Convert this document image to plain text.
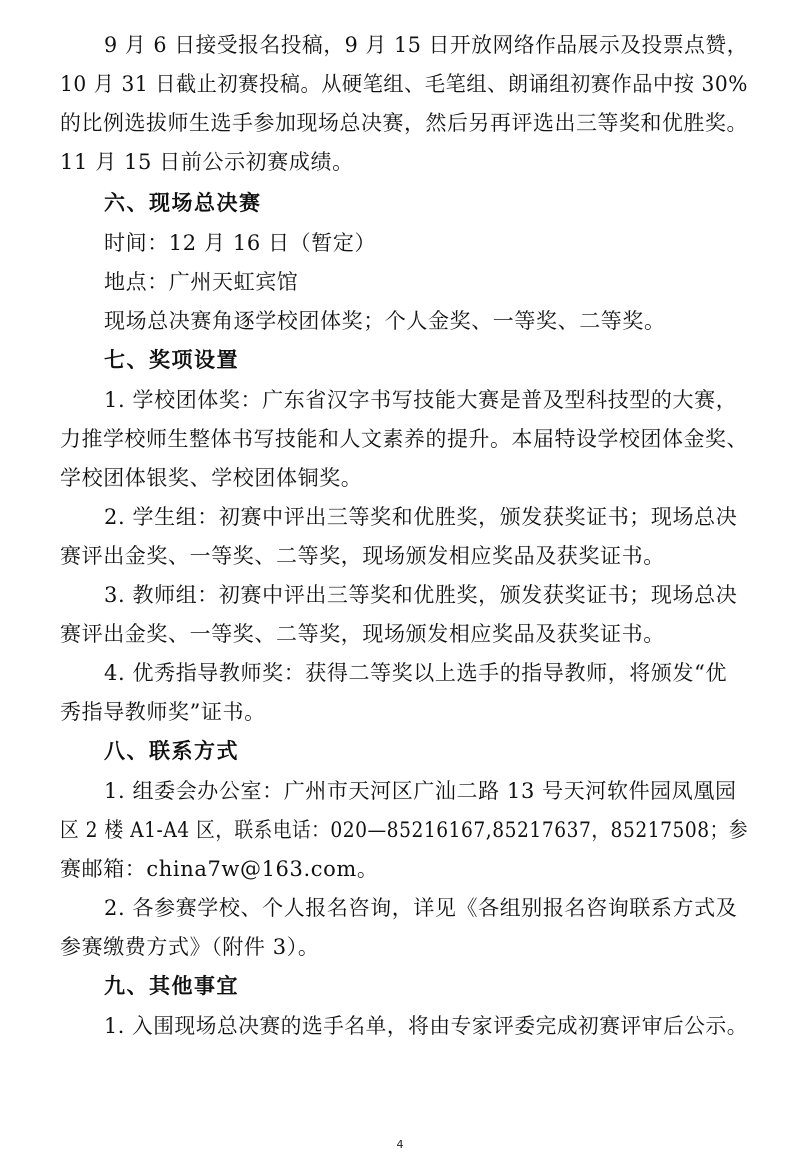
9 月 6 日接受报名投稿，9 月 15 日开放网络作品展示及投票点赞，
10 月 31 日截止初赛投稿。从硬笔组、毛笔组、朗诵组初赛作品中按 30%
的比例选拔师生选手参加现场总决赛，然后另再评选出三等奖和优胜奖。
11 月 15 日前公示初赛成绩。
六、现场总决赛
时间：12 月 16 日（暂定）
地点：广州天虹宾馆
现场总决赛角逐学校团体奖；个人金奖、一等奖、二等奖。
七、奖项设置
1. 学校团体奖：广东省汉字书写技能大赛是普及型科技型的大赛，
力推学校师生整体书写技能和人文素养的提升。本届特设学校团体金奖、
学校团体银奖、学校团体铜奖。
2. 学生组：初赛中评出三等奖和优胜奖，颁发获奖证书；现场总决
赛评出金奖、一等奖、二等奖，现场颁发相应奖品及获奖证书。
3. 教师组：初赛中评出三等奖和优胜奖，颁发获奖证书；现场总决
赛评出金奖、一等奖、二等奖，现场颁发相应奖品及获奖证书。
4. 优秀指导教师奖：获得二等奖以上选手的指导教师，将颁发“优
秀指导教师奖”证书。
八、联系方式
1. 组委会办公室：广州市天河区广汕二路 13 号天河软件园凤凰园
区 2 楼 A1-A4 区，联系电话：020—85216167,85217637，85217508；参
赛邮箱：china7w@163.com。
2. 各参赛学校、个人报名咨询，详见《各组别报名咨询联系方式及
参赛缴费方式》（附件 3）。
九、其他事宜
1. 入围现场总决赛的选手名单，将由专家评委完成初赛评审后公示。
4
